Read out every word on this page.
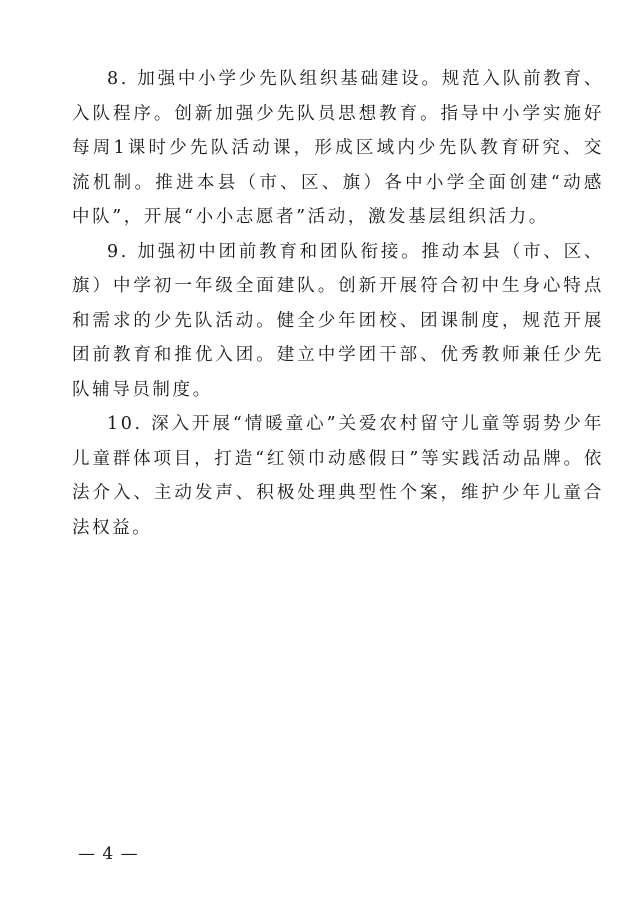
8. 加强中小学少先队组织基础建设。规范入队前教育、入队程序。创新加强少先队员思想教育。指导中小学实施好每周1课时少先队活动课，形成区域内少先队教育研究、交流机制。推进本县（市、区、旗）各中小学全面创建“动感中队”，开展“小小志愿者”活动，激发基层组织活力。

9. 加强初中团前教育和团队衔接。推动本县（市、区、旗）中学初一年级全面建队。创新开展符合初中生身心特点和需求的少先队活动。健全少年团校、团课制度，规范开展团前教育和推优入团。建立中学团干部、优秀教师兼任少先队辅导员制度。

10. 深入开展“情暖童心”关爱农村留守儿童等弱势少年儿童群体项目，打造“红领巾动感假日”等实践活动品牌。依法介入、主动发声、积极处理典型性个案，维护少年儿童合法权益。

— 4 —
